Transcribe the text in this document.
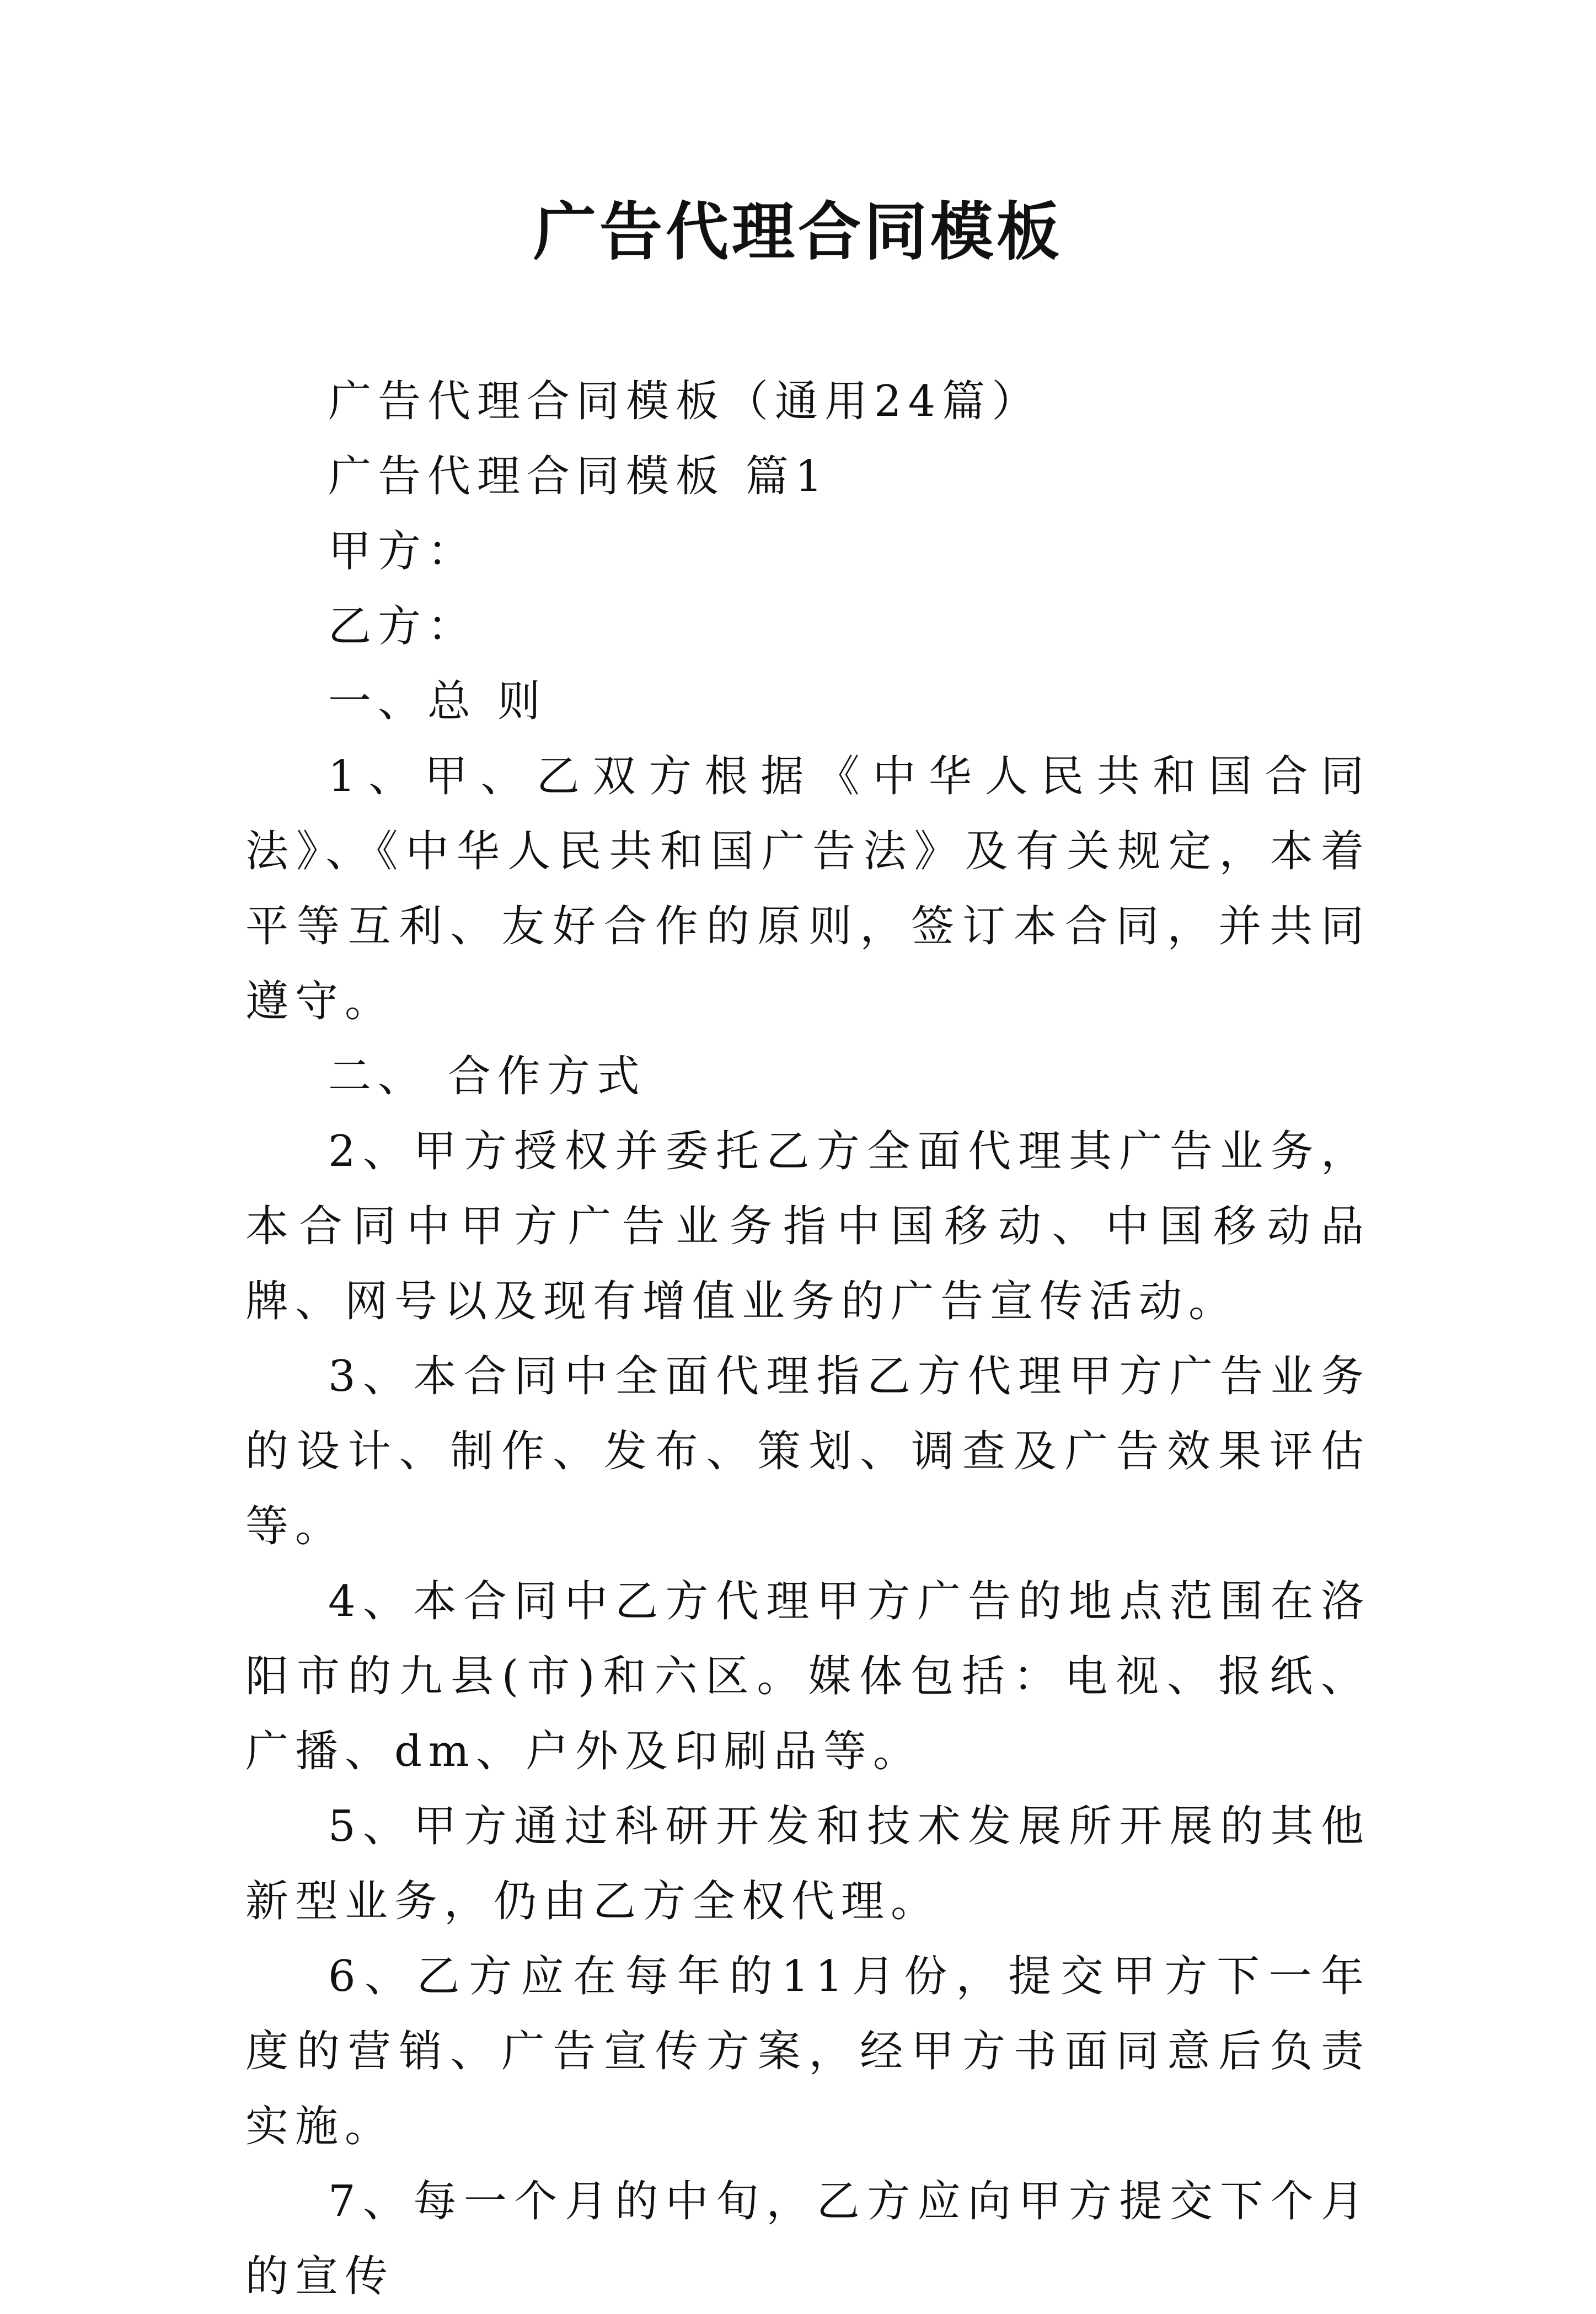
广告代理合同模板

广告代理合同模板（通用24篇）

广告代理合同模板 篇1

甲方：

乙方：

一、总 则

1、甲、乙双方根据《中华人民共和国合同法》、《中华人民共和国广告法》及有关规定，本着平等互利、友好合作的原则，签订本合同，并共同遵守。

二、 合作方式

2、甲方授权并委托乙方全面代理其广告业务，本合同中甲方广告业务指中国移动、中国移动品牌、网号以及现有增值业务的广告宣传活动。

3、本合同中全面代理指乙方代理甲方广告业务的设计、制作、发布、策划、调查及广告效果评估等。

4、本合同中乙方代理甲方广告的地点范围在洛阳市的九县(市)和六区。媒体包括：电视、报纸、广播、dm、户外及印刷品等。

5、甲方通过科研开发和技术发展所开展的其他新型业务，仍由乙方全权代理。

6、乙方应在每年的11月份，提交甲方下一年度的营销、广告宣传方案，经甲方书面同意后负责实施。

7、每一个月的中旬，乙方应向甲方提交下个月的宣传
